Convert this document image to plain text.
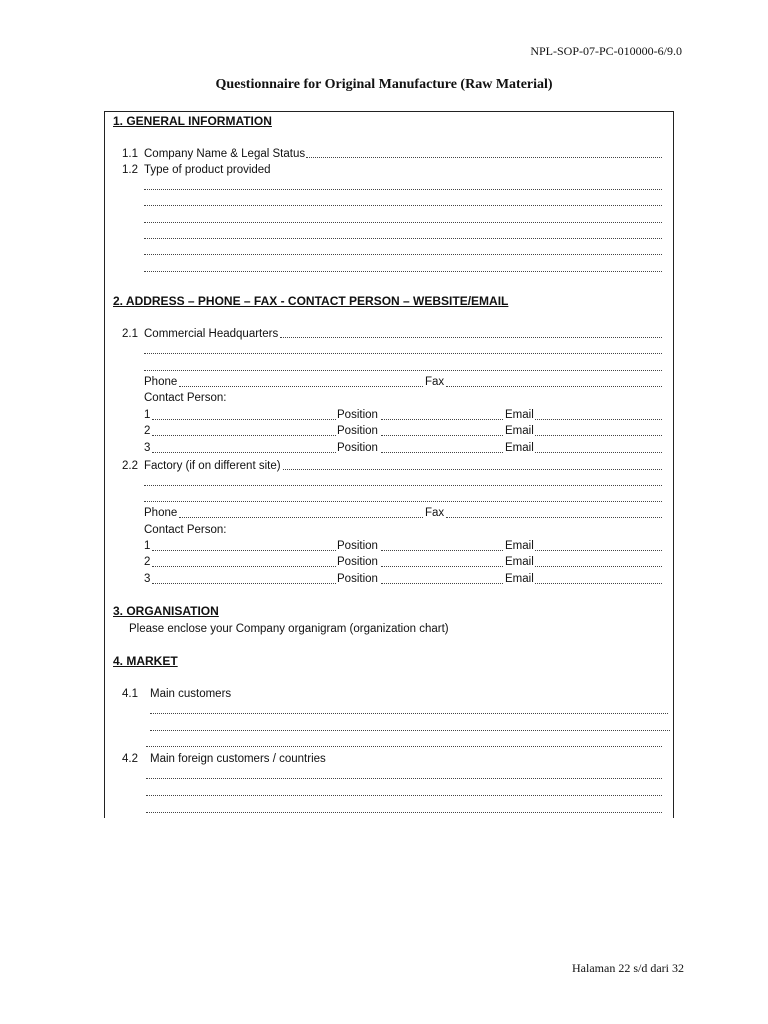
NPL-SOP-07-PC-010000-6/9.0
Questionnaire for Original Manufacture (Raw Material)
1. GENERAL INFORMATION
1.1 Company Name & Legal Status
1.2 Type of product provided
2. ADDRESS – PHONE – FAX - CONTACT PERSON – WEBSITE/EMAIL
2.1 Commercial Headquarters
Phone	Fax
Contact Person:
1	Position	Email
2	Position	Email
3	Position	Email
2.2 Factory (if on different site)
Phone	Fax
Contact Person:
1	Position	Email
2	Position	Email
3	Position	Email
3. ORGANISATION
Please enclose your Company organigram (organization chart)
4. MARKET
4.1 Main customers
4.2 Main foreign customers / countries
Halaman 22 s/d dari 32
